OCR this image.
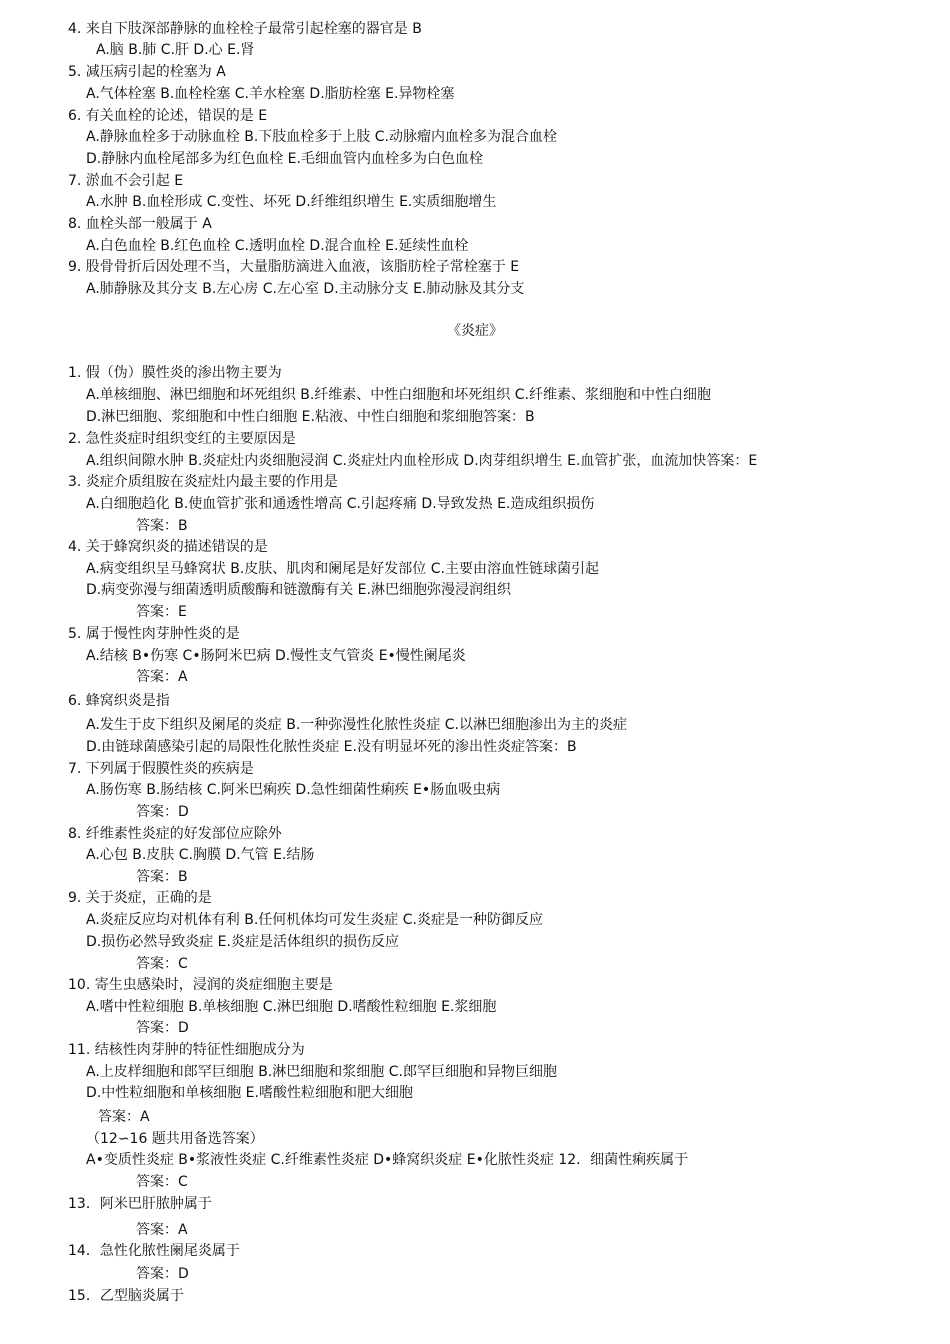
4. 来自下肢深部静脉的血栓栓子最常引起栓塞的器官是 B
A.脑 B.肺 C.肝 D.心 E.肾
5. 减压病引起的栓塞为 A
A.气体栓塞 B.血栓栓塞 C.羊水栓塞 D.脂肪栓塞 E.异物栓塞
6. 有关血栓的论述，错误的是 E
A.静脉血栓多于动脉血栓 B.下肢血栓多于上肢 C.动脉瘤内血栓多为混合血栓
D.静脉内血栓尾部多为红色血栓 E.毛细血管内血栓多为白色血栓
7. 淤血不会引起 E
A.水肿 B.血栓形成 C.变性、坏死 D.纤维组织增生 E.实质细胞增生
8. 血栓头部一般属于 A
A.白色血栓 B.红色血栓 C.透明血栓 D.混合血栓 E.延续性血栓
9. 股骨骨折后因处理不当，大量脂肪滴进入血液，该脂肪栓子常栓塞于 E
A.肺静脉及其分支 B.左心房 C.左心室 D.主动脉分支 E.肺动脉及其分支
《炎症》
1. 假（伪）膜性炎的渗出物主要为
A.单核细胞、淋巴细胞和坏死组织 B.纤维素、中性白细胞和坏死组织 C.纤维素、浆细胞和中性白细胞
D.淋巴细胞、浆细胞和中性白细胞 E.粘液、中性白细胞和浆细胞答案：B
2. 急性炎症时组织变红的主要原因是
A.组织间隙水肿 B.炎症灶内炎细胞浸润 C.炎症灶内血栓形成 D.肉芽组织增生 E.血管扩张，血流加快答案：E
3. 炎症介质组胺在炎症灶内最主要的作用是
A.白细胞趋化 B.使血管扩张和通透性增高 C.引起疼痛 D.导致发热 E.造成组织损伤
答案：B
4. 关于蜂窝织炎的描述错误的是
A.病变组织呈马蜂窝状 B.皮肤、肌肉和阑尾是好发部位 C.主要由溶血性链球菌引起
D.病变弥漫与细菌透明质酸酶和链激酶有关 E.淋巴细胞弥漫浸润组织
答案：E
5. 属于慢性肉芽肿性炎的是
A.结核 B•伤寒 C•肠阿米巴病 D.慢性支气管炎 E•慢性阑尾炎
答案：A
6. 蜂窝织炎是指
A.发生于皮下组织及阑尾的炎症 B.一种弥漫性化脓性炎症 C.以淋巴细胞渗出为主的炎症
D.由链球菌感染引起的局限性化脓性炎症 E.没有明显坏死的渗出性炎症答案：B
7. 下列属于假膜性炎的疾病是
A.肠伤寒 B.肠结核 C.阿米巴痢疾 D.急性细菌性痢疾 E•肠血吸虫病
答案：D
8. 纤维素性炎症的好发部位应除外
A.心包 B.皮肤 C.胸膜 D.气管 E.结肠
答案：B
9. 关于炎症，正确的是
A.炎症反应均对机体有利 B.任何机体均可发生炎症 C.炎症是一种防御反应
D.损伤必然导致炎症 E.炎症是活体组织的损伤反应
答案：C
10. 寄生虫感染时，浸润的炎症细胞主要是
A.嗜中性粒细胞 B.单核细胞 C.淋巴细胞 D.嗜酸性粒细胞 E.浆细胞
答案：D
11. 结核性肉芽肿的特征性细胞成分为
A.上皮样细胞和郎罕巨细胞 B.淋巴细胞和浆细胞 C.郎罕巨细胞和异物巨细胞
D.中性粒细胞和单核细胞 E.嗜酸性粒细胞和肥大细胞
答案：A
（12∽16 题共用备选答案）
A•变质性炎症 B•浆液性炎症 C.纤维素性炎症 D•蜂窝织炎症 E•化脓性炎症 12．细菌性痢疾属于
答案：C
13．阿米巴肝脓肿属于
答案：A
14．急性化脓性阑尾炎属于
答案：D
15．乙型脑炎属于
